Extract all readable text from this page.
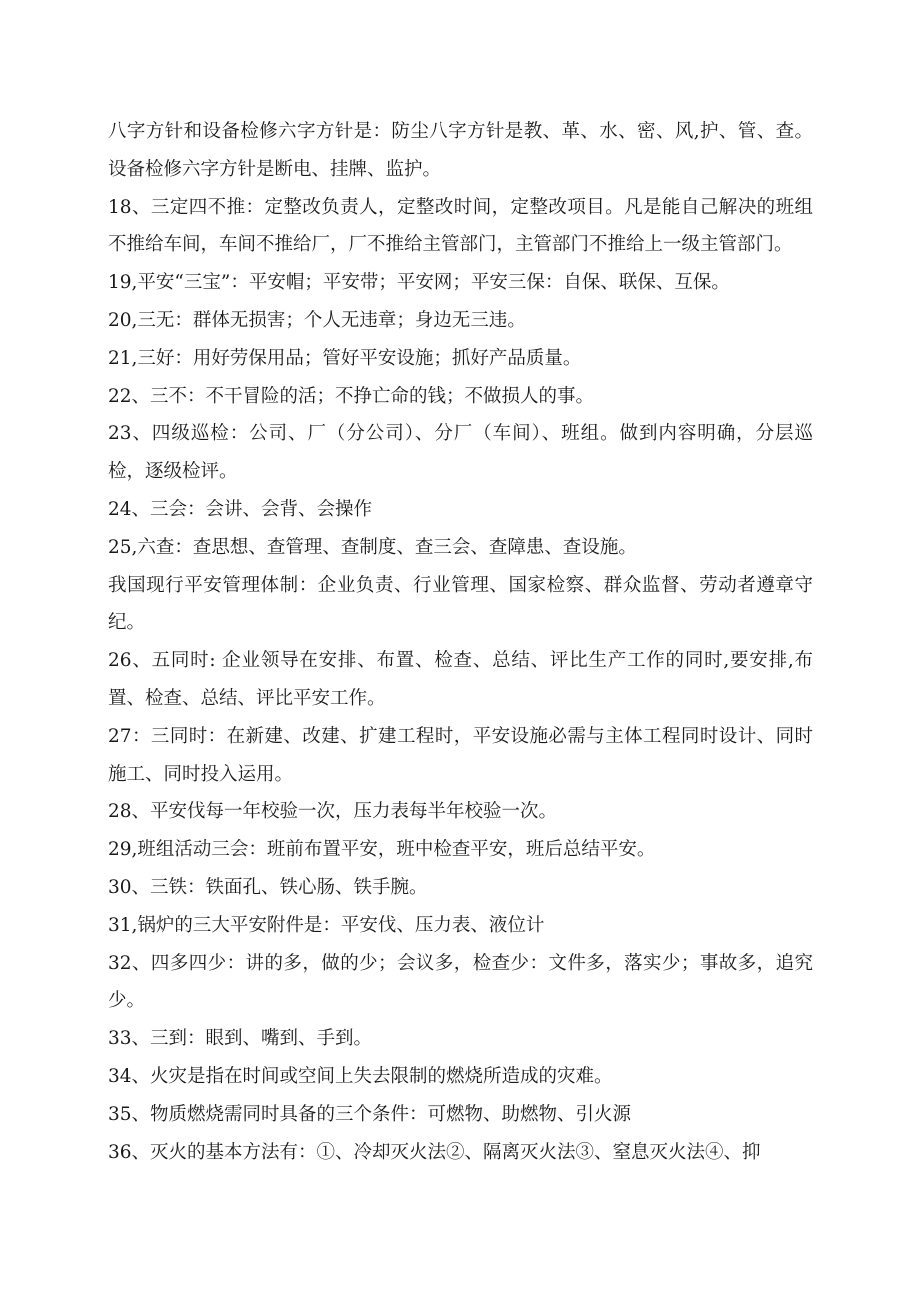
八字方针和设备检修六字方针是：防尘八字方针是教、革、水、密、风,护、管、查。设备检修六字方针是断电、挂牌、监护。

18、三定四不推：定整改负责人，定整改时间，定整改项目。凡是能自己解决的班组不推给车间，车间不推给厂，厂不推给主管部门，主管部门不推给上一级主管部门。

19,平安“三宝”：平安帽；平安带；平安网；平安三保：自保、联保、互保。

20,三无：群体无损害；个人无违章；身边无三违。

21,三好：用好劳保用品；管好平安设施；抓好产品质量。

22、三不：不干冒险的活；不挣亡命的钱；不做损人的事。

23、四级巡检：公司、厂（分公司）、分厂（车间）、班组。做到内容明确，分层巡检，逐级检评。

24、三会：会讲、会背、会操作

25,六查：查思想、查管理、查制度、查三会、查障患、查设施。

我国现行平安管理体制：企业负责、行业管理、国家检察、群众监督、劳动者遵章守纪。

26、五同时: 企业领导在安排、布置、检查、总结、评比生产工作的同时,要安排,布置、检查、总结、评比平安工作。

27：三同时：在新建、改建、扩建工程时，平安设施必需与主体工程同时设计、同时施工、同时投入运用。

28、平安伐每一年校验一次，压力表每半年校验一次。

29,班组活动三会：班前布置平安，班中检查平安，班后总结平安。

30、三铁：铁面孔、铁心肠、铁手腕。

31,锅炉的三大平安附件是：平安伐、压力表、液位计

32、四多四少：讲的多，做的少；会议多，检查少：文件多，落实少；事故多，追究少。

33、三到：眼到、嘴到、手到。

34、火灾是指在时间或空间上失去限制的燃烧所造成的灾难。

35、物质燃烧需同时具备的三个条件：可燃物、助燃物、引火源

36、灭火的基本方法有：①、冷却灭火法②、隔离灭火法③、窒息灭火法④、抑
